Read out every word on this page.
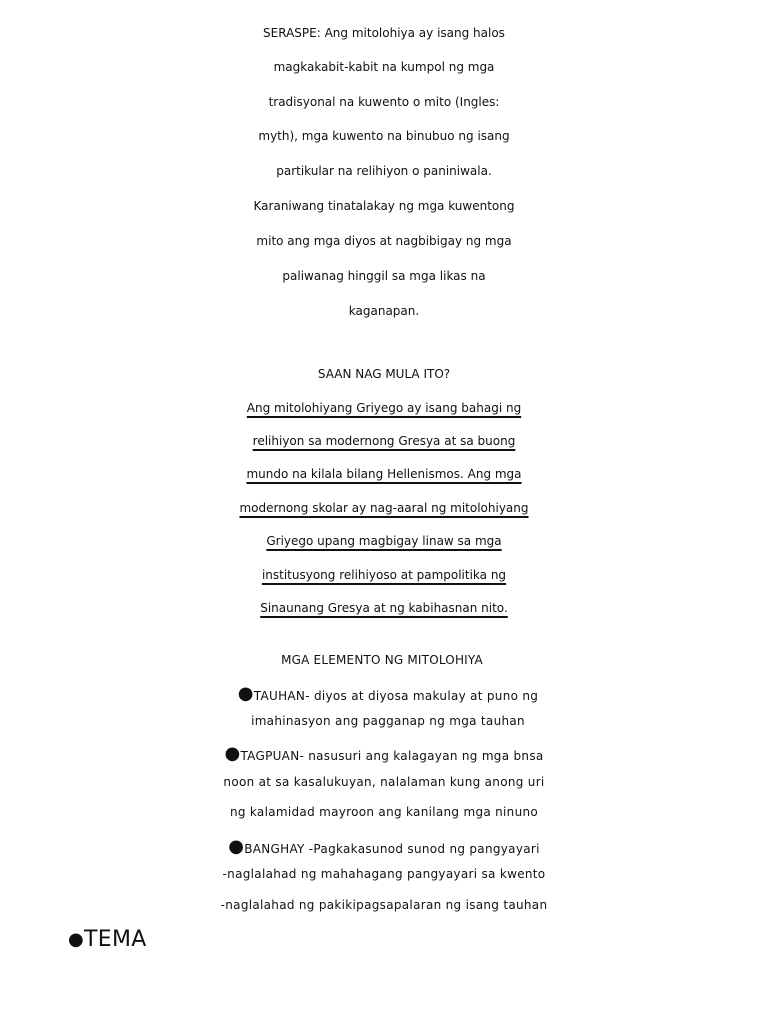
SERASPE: Ang mitolohiya ay isang halos
magkakabit-kabit na kumpol ng mga
tradisyonal na kuwento o mito (Ingles:
myth), mga kuwento na binubuo ng isang
partikular na relihiyon o paniniwala.
Karaniwang tinatalakay ng mga kuwentong
mito ang mga diyos at nagbibigay ng mga
paliwanag hinggil sa mga likas na
kaganapan.
SAAN NAG MULA ITO?
Ang mitolohiyang Griyego ay isang bahagi ng
relihiyon sa modernong Gresya at sa buong
mundo na kilala bilang Hellenismos. Ang mga
modernong skolar ay nag-aaral ng mitolohiyang
Griyego upang magbigay linaw sa mga
institusyong relihiyoso at pampolitika ng
Sinaunang Gresya at ng kabihasnan nito.
MGA ELEMENTO NG MITOLOHIYA
●TAUHAN- diyos at diyosa makulay at puno ng
imahinasyon ang pagganap ng mga tauhan
●TAGPUAN- nasusuri ang kalagayan ng mga bnsa
noon at sa kasalukuyan, nalalaman kung anong uri
ng kalamidad mayroon ang kanilang mga ninuno
●BANGHAY -Pagkakasunod sunod ng pangyayari
-naglalahad ng mahahagang pangyayari sa kwento
-naglalahad ng pakikipagsapalaran ng isang tauhan
●TEMA
